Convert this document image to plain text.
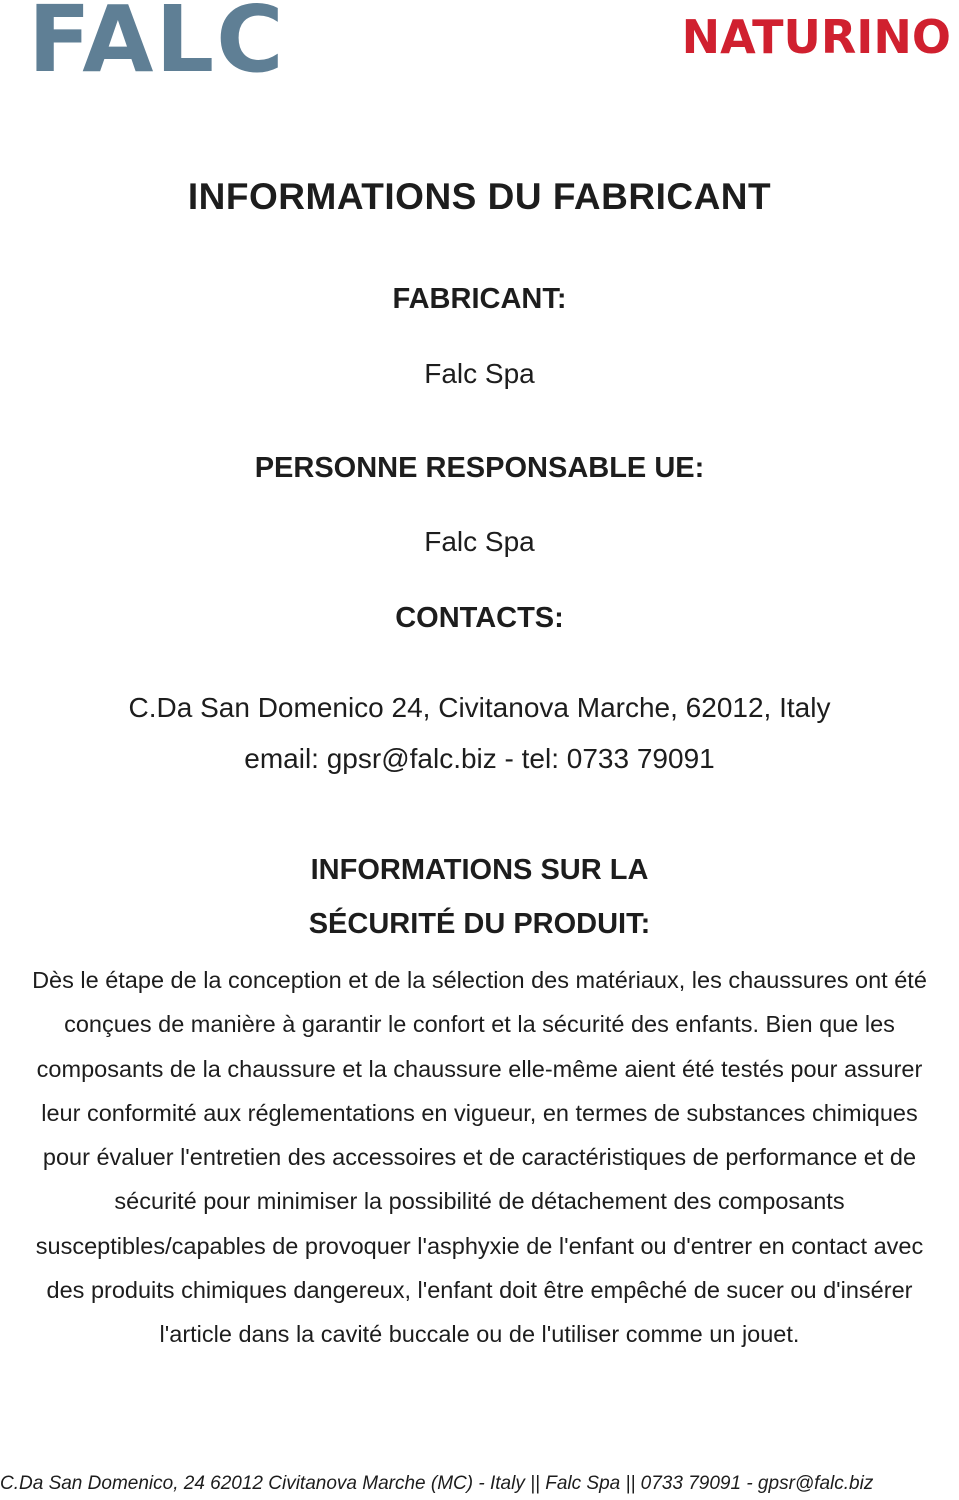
FALC	NATURINO
INFORMATIONS DU FABRICANT
FABRICANT:
Falc Spa
PERSONNE RESPONSABLE UE:
Falc Spa
CONTACTS:
C.Da San Domenico 24, Civitanova Marche, 62012, Italy
email: gpsr@falc.biz - tel: 0733 79091
INFORMATIONS SUR LA
SÉCURITÉ DU PRODUIT:
Dès le étape de la conception et de la sélection des matériaux, les chaussures ont été conçues de manière à garantir le confort et la sécurité des enfants. Bien que les composants de la chaussure et la chaussure elle-même aient été testés pour assurer leur conformité aux réglementations en vigueur, en termes de substances chimiques pour évaluer l'entretien des accessoires et de caractéristiques de performance et de sécurité pour minimiser la possibilité de détachement des composants susceptibles/capables de provoquer l'asphyxie de l'enfant ou d'entrer en contact avec des produits chimiques dangereux, l'enfant doit être empêché de sucer ou d'insérer l'article dans la cavité buccale ou de l'utiliser comme un jouet.
C.Da San Domenico, 24 62012 Civitanova Marche (MC) - Italy || Falc Spa || 0733 79091 - gpsr@falc.biz
